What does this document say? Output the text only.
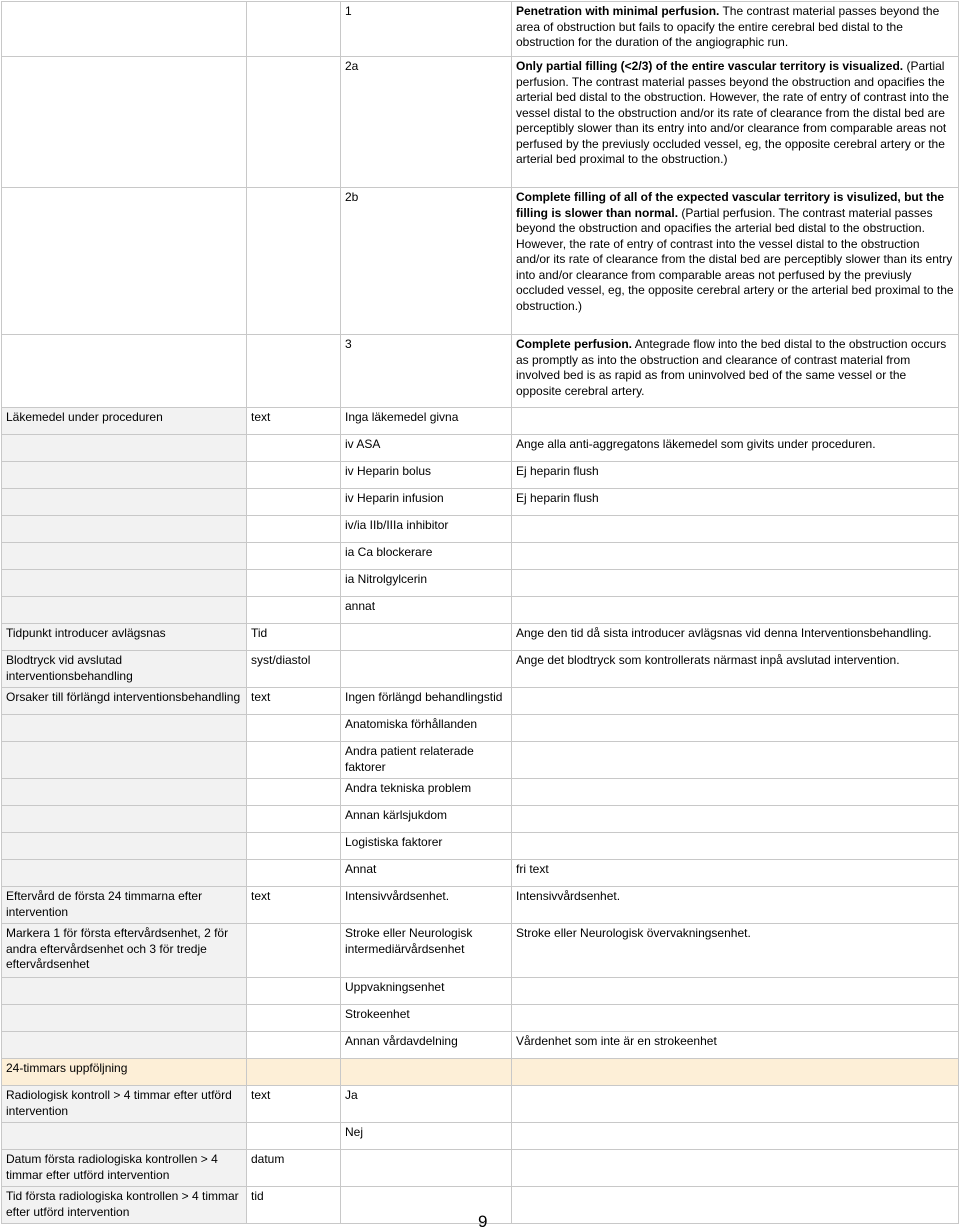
		1	Penetration with minimal perfusion. The contrast material passes beyond the area of obstruction but fails to opacify the entire cerebral bed distal to the obstruction for the duration of the angiographic run.
		2a	Only partial filling (<2/3) of the entire vascular territory is visualized. (Partial perfusion. The contrast material passes beyond the obstruction and opacifies the arterial bed distal to the obstruction. However, the rate of entry of contrast into the vessel distal to the obstruction and/or its rate of clearance from the distal bed are perceptibly slower than its entry into and/or clearance from comparable areas not perfused by the previusly occluded vessel, eg, the opposite cerebral artery or the arterial bed proximal to the obstruction.)
		2b	Complete filling of all of the expected vascular territory is visulized, but the filling is slower than normal. (Partial perfusion. The contrast material passes beyond the obstruction and opacifies the arterial bed distal to the obstruction. However, the rate of entry of contrast into the vessel distal to the obstruction and/or its rate of clearance from the distal bed are perceptibly slower than its entry into and/or clearance from comparable areas not perfused by the previusly occluded vessel, eg, the opposite cerebral artery or the arterial bed proximal to the obstruction.)
		3	Complete perfusion. Antegrade flow into the bed distal to the obstruction occurs as promptly as into the obstruction and clearance of contrast material from involved bed is as rapid as from uninvolved bed of the same vessel or the opposite cerebral artery.
Läkemedel under proceduren	text	Inga läkemedel givna	
		iv ASA	Ange alla anti-aggregatons läkemedel som givits under proceduren.
		iv Heparin bolus	Ej heparin flush
		iv Heparin infusion	Ej heparin flush
		iv/ia IIb/IIIa inhibitor	
		ia Ca blockerare	
		ia Nitrolgylcerin	
		annat	
Tidpunkt introducer avlägsnas	Tid		Ange den tid då sista introducer avlägsnas vid denna Interventionsbehandling.
Blodtryck vid avslutad interventionsbehandling	syst/diastol		Ange det blodtryck som kontrollerats närmast inpå avslutad intervention.
Orsaker till förlängd interventionsbehandling	text	Ingen förlängd behandlingstid	
		Anatomiska förhållanden	
		Andra patient relaterade faktorer	
		Andra tekniska problem	
		Annan kärlsjukdom	
		Logistiska faktorer	
		Annat	fri text
Eftervård de första 24 timmarna efter intervention	text	Intensivvårdsenhet.	Intensivvårdsenhet.
Markera 1 för första eftervårdsenhet, 2 för andra eftervårdsenhet och 3 för tredje eftervårdsenhet		Stroke eller Neurologisk intermediärvårdsenhet	Stroke eller Neurologisk övervakningsenhet.
		Uppvakningsenhet	
		Strokeenhet	
		Annan vårdavdelning	Vårdenhet som inte är en strokeenhet
24-timmars uppföljning			
Radiologisk kontroll > 4 timmar efter utförd intervention	text	Ja	
		Nej	
Datum första radiologiska kontrollen > 4 timmar efter utförd intervention	datum		
Tid första radiologiska kontrollen > 4 timmar efter utförd intervention	tid		
9
